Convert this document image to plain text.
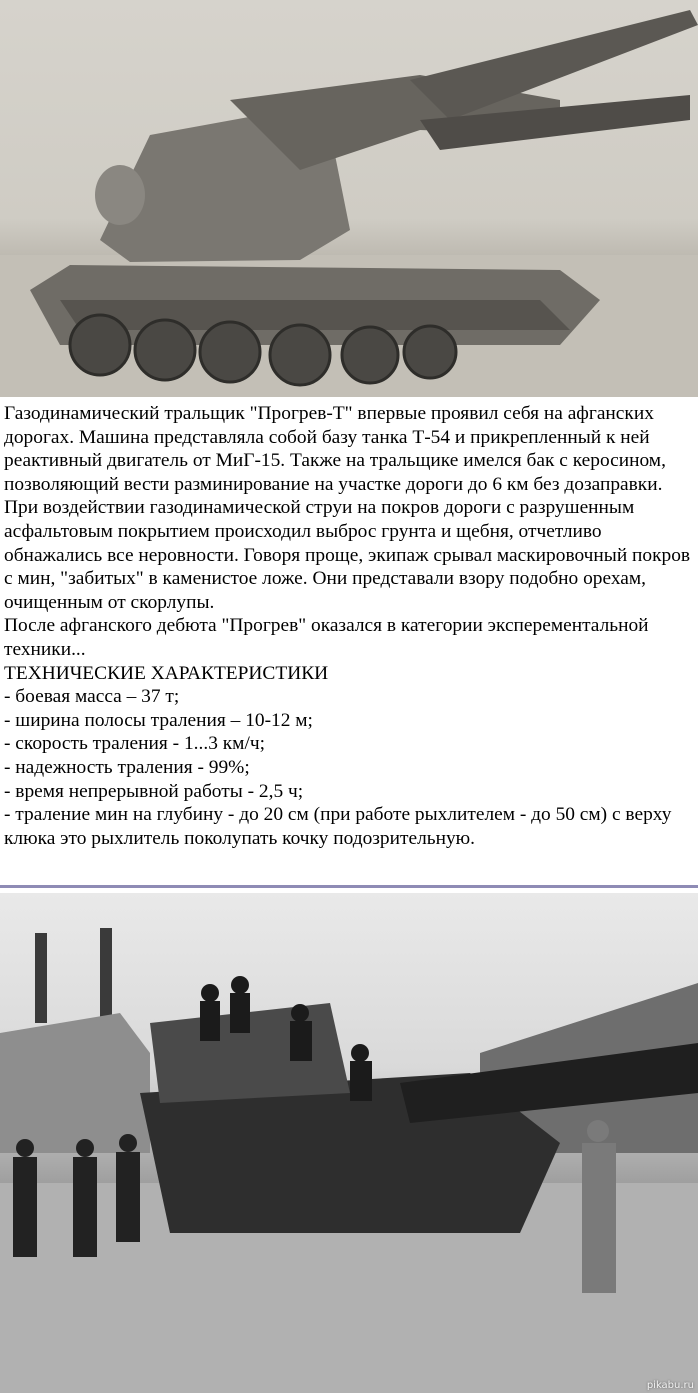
Газодинамический тральщик "Прогрев-Т" впервые проявил себя на афганских дорогах. Машина представляла собой базу танка Т-54 и прикрепленный к ней реактивный двигатель от МиГ-15. Также на тральщике имелся бак с керосином, позволяющий вести разминирование на участке дороги до 6 км без дозаправки.

При воздействии газодинамической струи на покров дороги с разрушенным асфальтовым покрытием происходил выброс грунта и щебня, отчетливо обнажались все неровности. Говоря проще, экипаж срывал маскировочный покров с мин, "забитых" в каменистое ложе. Они представали взору подобно орехам, очищенным от скорлупы.

После афганского дебюта "Прогрев" оказался в категории эксперементальной техники...

ТЕХНИЧЕСКИЕ ХАРАКТЕРИСТИКИ

- боевая масса – 37 т;

- ширина полосы траления – 10-12 м;

- скорость траления - 1...3 км/ч;

- надежность траления - 99%;

- время непрерывной работы - 2,5 ч;

- траление мин на глубину - до 20 см (при работе рыхлителем - до 50 см) с верху клюка это рыхлитель поколупать кочку подозрительную.

pikabu.ru
